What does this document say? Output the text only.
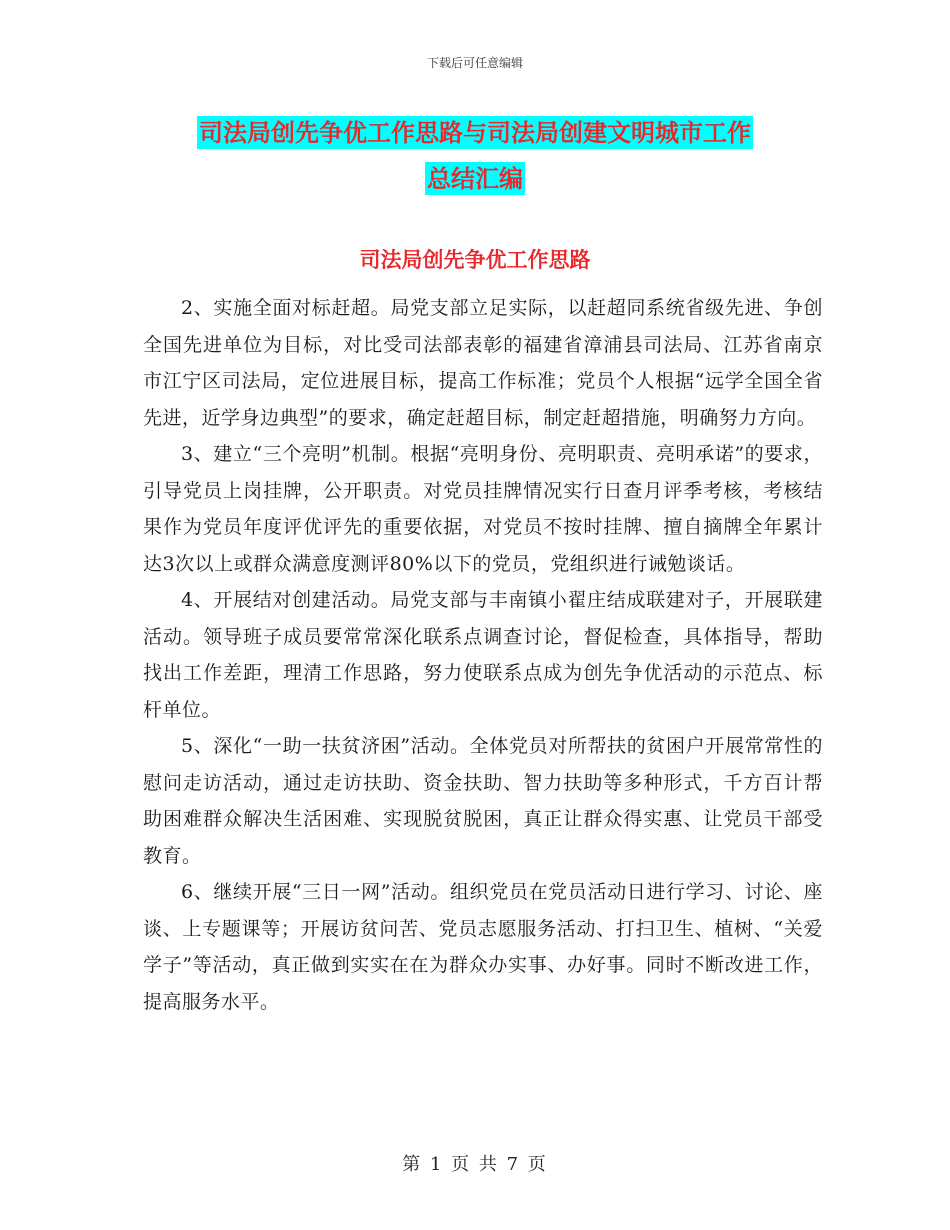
下载后可任意编辑
司法局创先争优工作思路与司法局创建文明城市工作
总结汇编
司法局创先争优工作思路

2、实施全面对标赶超。局党支部立足实际，以赶超同系统省级先进、争创全国先进单位为目标，对比受司法部表彰的福建省漳浦县司法局、江苏省南京市江宁区司法局，定位进展目标，提高工作标准；党员个人根据“远学全国全省先进，近学身边典型”的要求，确定赶超目标，制定赶超措施，明确努力方向。

3、建立“三个亮明”机制。根据“亮明身份、亮明职责、亮明承诺”的要求，引导党员上岗挂牌，公开职责。对党员挂牌情况实行日查月评季考核，考核结果作为党员年度评优评先的重要依据，对党员不按时挂牌、擅自摘牌全年累计达3次以上或群众满意度测评80%以下的党员，党组织进行诫勉谈话。

4、开展结对创建活动。局党支部与丰南镇小翟庄结成联建对子，开展联建活动。领导班子成员要常常深化联系点调查讨论，督促检查，具体指导，帮助找出工作差距，理清工作思路，努力使联系点成为创先争优活动的示范点、标杆单位。

5、深化“一助一扶贫济困”活动。全体党员对所帮扶的贫困户开展常常性的慰问走访活动，通过走访扶助、资金扶助、智力扶助等多种形式，千方百计帮助困难群众解决生活困难、实现脱贫脱困，真正让群众得实惠、让党员干部受教育。

6、继续开展“三日一网”活动。组织党员在党员活动日进行学习、讨论、座谈、上专题课等；开展访贫问苦、党员志愿服务活动、打扫卫生、植树、“关爱学子”等活动，真正做到实实在在为群众办实事、办好事。同时不断改进工作，提高服务水平。

第 1 页 共 7 页
